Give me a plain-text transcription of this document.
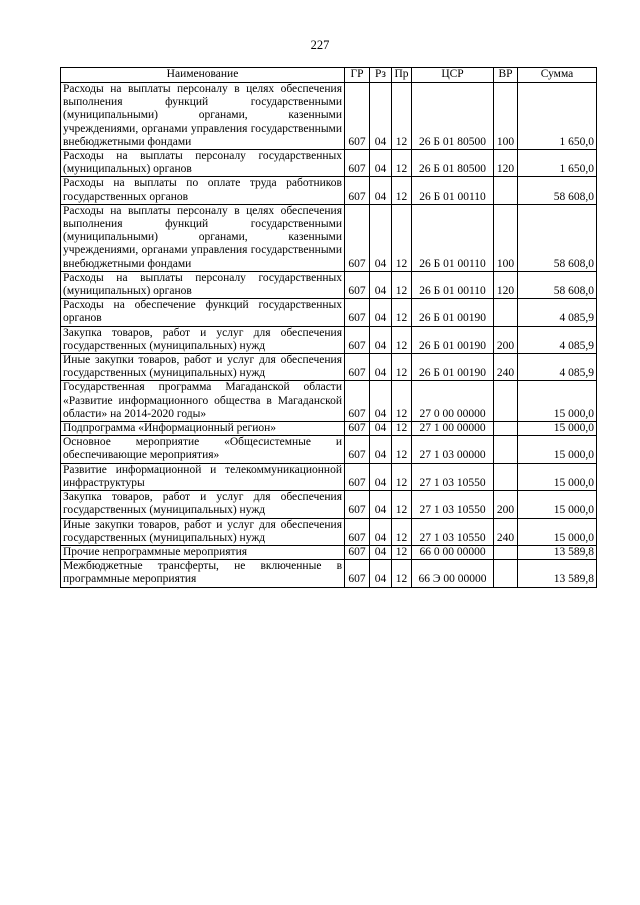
227
Наименование	ГР	Рз	Пр	ЦСР	ВР	Сумма
Расходы на выплаты персоналу в целях обеспечения выполнения функций государственными (муниципальными) органами, казенными учреждениями, органами управления государственными внебюджетными фондами	607	04	12	26 Б 01 80500	100	1 650,0
Расходы на выплаты персоналу государственных (муниципальных) органов	607	04	12	26 Б 01 80500	120	1 650,0
Расходы на выплаты по оплате труда работников государственных органов	607	04	12	26 Б 01 00110		58 608,0
Расходы на выплаты персоналу в целях обеспечения выполнения функций государственными (муниципальными) органами, казенными учреждениями, органами управления государственными внебюджетными фондами	607	04	12	26 Б 01 00110	100	58 608,0
Расходы на выплаты персоналу государственных (муниципальных) органов	607	04	12	26 Б 01 00110	120	58 608,0
Расходы на обеспечение функций государственных органов	607	04	12	26 Б 01 00190		4 085,9
Закупка товаров, работ и услуг для обеспечения государственных (муниципальных) нужд	607	04	12	26 Б 01 00190	200	4 085,9
Иные закупки товаров, работ и услуг для обеспечения государственных (муниципальных) нужд	607	04	12	26 Б 01 00190	240	4 085,9
Государственная программа Магаданской области «Развитие информационного общества в Магаданской области» на 2014-2020 годы»	607	04	12	27 0 00 00000		15 000,0
Подпрограмма «Информационный регион»	607	04	12	27 1 00 00000		15 000,0
Основное мероприятие «Общесистемные и обеспечивающие мероприятия»	607	04	12	27 1 03 00000		15 000,0
Развитие информационной и телекоммуникационной инфраструктуры	607	04	12	27 1 03 10550		15 000,0
Закупка товаров, работ и услуг для обеспечения государственных (муниципальных) нужд	607	04	12	27 1 03 10550	200	15 000,0
Иные закупки товаров, работ и услуг для обеспечения государственных (муниципальных) нужд	607	04	12	27 1 03 10550	240	15 000,0
Прочие непрограммные мероприятия	607	04	12	66 0 00 00000		13 589,8
Межбюджетные трансферты, не включенные в программные мероприятия	607	04	12	66 Э 00 00000		13 589,8
